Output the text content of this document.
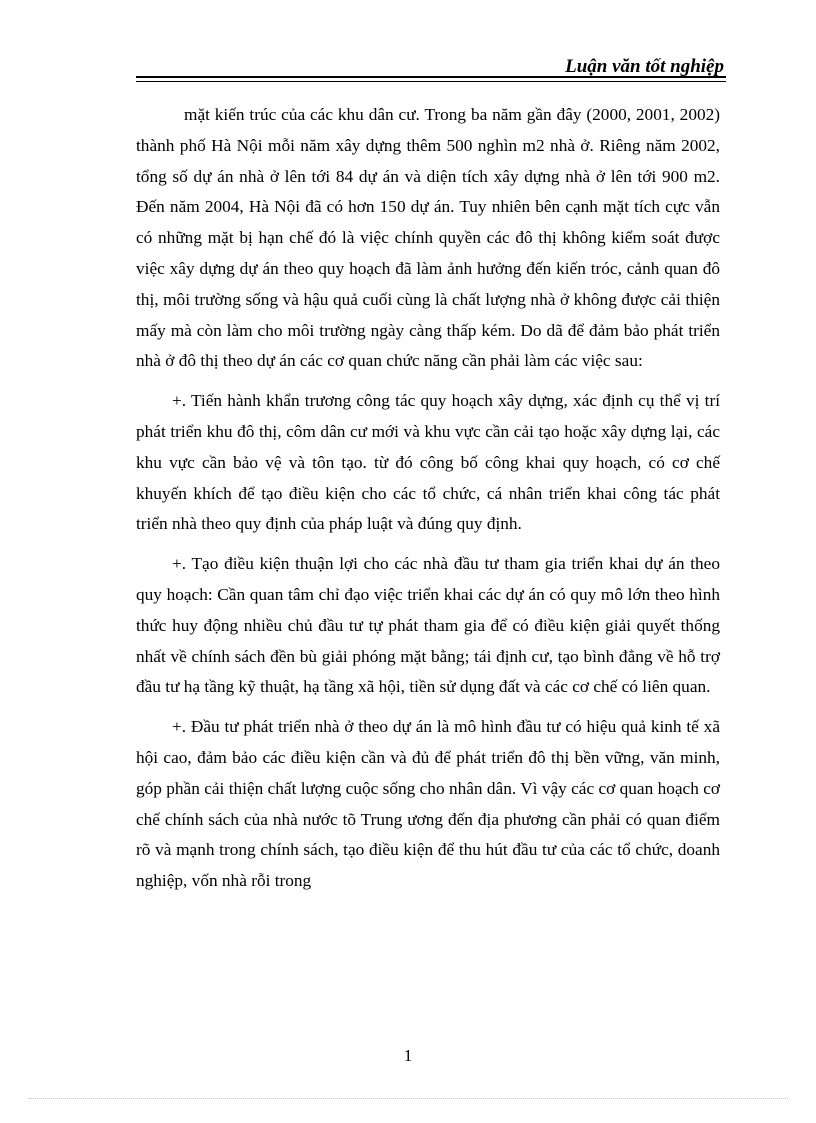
Luận văn tốt nghiệp

mặt kiến trúc của các khu dân cư. Trong ba năm gần đây (2000, 2001, 2002) thành phố Hà Nội mỗi năm xây dựng thêm 500 nghìn m2 nhà ở. Riêng năm 2002, tổng số dự án nhà ở lên tới 84 dự án và diện tích xây dựng nhà ở lên tới 900 m2. Đến năm 2004, Hà Nội đã có hơn 150 dự án. Tuy nhiên bên cạnh mặt tích cực vẫn có những mặt bị hạn chế đó là việc chính quyền các đô thị không kiểm soát được việc xây dựng dự án theo quy hoạch đã làm ảnh hưởng đến kiến tróc, cảnh quan đô thị, môi trường sống và hậu quả cuối cùng là chất lượng nhà ở không được cải thiện mấy mà còn làm cho môi trường ngày càng thấp kém. Do dã để đảm bảo phát triển nhà ở đô thị theo dự án các cơ quan chức năng cần phải làm các việc sau:

+. Tiến hành khẩn trương công tác quy hoạch xây dựng, xác định cụ thể vị trí phát triển khu đô thị, côm dân cư mới và khu vực cần cải tạo hoặc xây dựng lại, các khu vực cần bảo vệ và tôn tạo. từ đó công bố công khai quy hoạch, có cơ chế khuyến khích để tạo điều kiện cho các tổ chức, cá nhân triển khai công tác phát triển nhà theo quy định của pháp luật và đúng quy định.

+. Tạo điều kiện thuận lợi cho các nhà đầu tư tham gia triển khai dự án theo quy hoạch: Cần quan tâm chỉ đạo việc triển khai các dự án có quy mô lớn theo hình thức huy động nhiều chủ đầu tư tự phát tham gia để có điều kiện giải quyết thống nhất về chính sách đền bù giải phóng mặt bằng; tái định cư, tạo bình đẳng về hỗ trợ đầu tư hạ tầng kỹ thuật, hạ tầng xã hội, tiền sử dụng đất và các cơ chế có liên quan.

+. Đầu tư phát triển nhà ở theo dự án là mô hình đầu tư có hiệu quả kinh tế xã hội cao, đảm bảo các điều kiện cần và đủ để phát triển đô thị bền vững, văn minh, góp phần cải thiện chất lượng cuộc sống cho nhân dân. Vì vậy các cơ quan hoạch cơ chế chính sách của nhà nước tõ Trung ương đến địa phương cần phải có quan điểm rõ và mạnh trong chính sách, tạo điều kiện để thu hút đầu tư của các tổ chức, doanh nghiệp, vốn nhà rỗi trong

1
